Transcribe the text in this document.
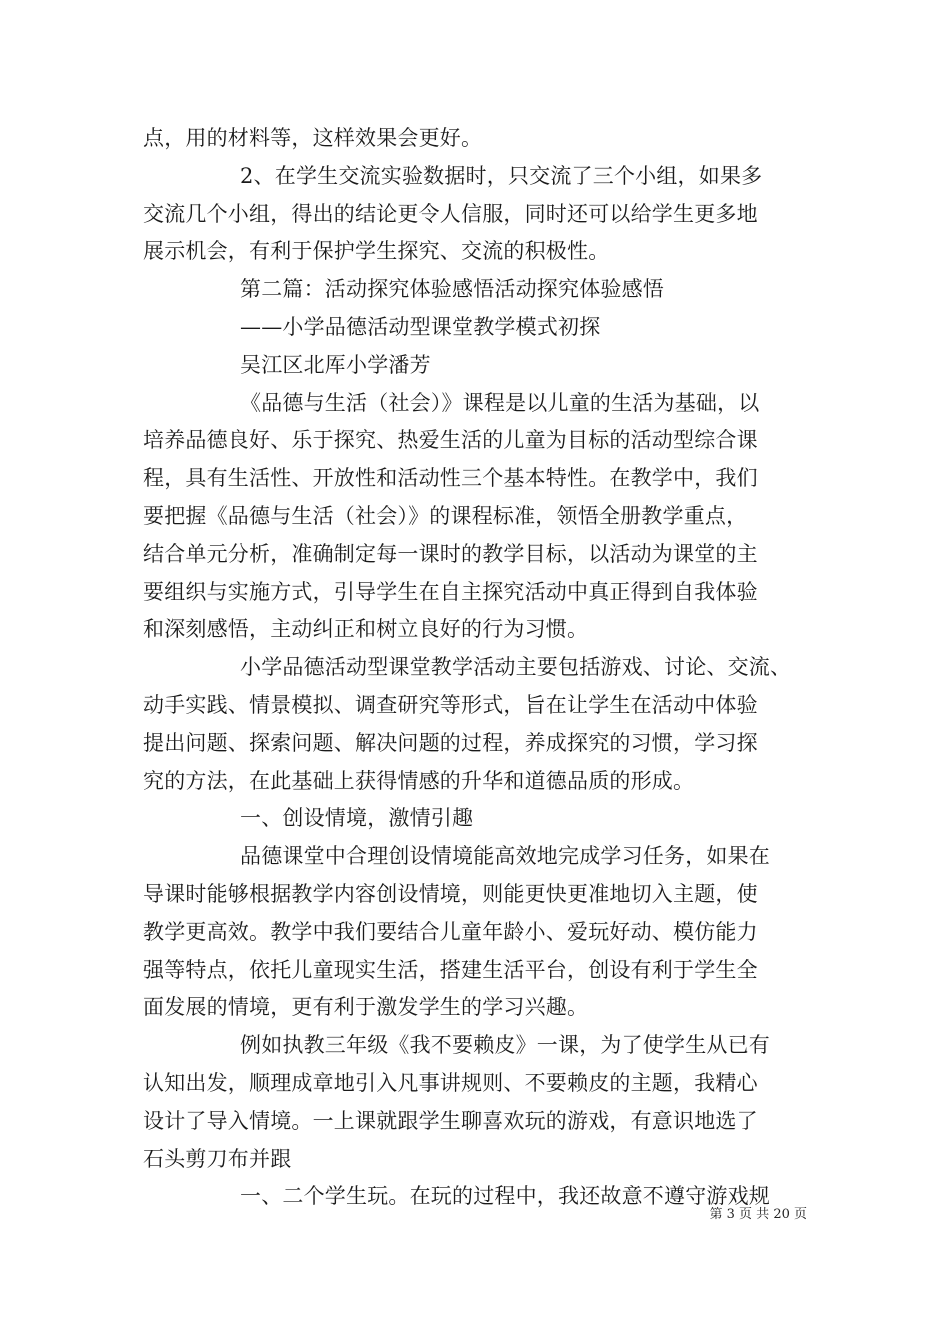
点，用的材料等，这样效果会更好。
2、在学生交流实验数据时，只交流了三个小组，如果多
交流几个小组，得出的结论更令人信服，同时还可以给学生更多地
展示机会，有利于保护学生探究、交流的积极性。
第二篇：活动探究体验感悟活动探究体验感悟
——小学品德活动型课堂教学模式初探
吴江区北厍小学潘芳
《品德与生活（社会）》课程是以儿童的生活为基础，以
培养品德良好、乐于探究、热爱生活的儿童为目标的活动型综合课
程，具有生活性、开放性和活动性三个基本特性。在教学中，我们
要把握《品德与生活（社会）》的课程标准，领悟全册教学重点，
结合单元分析，准确制定每一课时的教学目标，以活动为课堂的主
要组织与实施方式，引导学生在自主探究活动中真正得到自我体验
和深刻感悟，主动纠正和树立良好的行为习惯。
小学品德活动型课堂教学活动主要包括游戏、讨论、交流、
动手实践、情景模拟、调查研究等形式，旨在让学生在活动中体验
提出问题、探索问题、解决问题的过程，养成探究的习惯，学习探
究的方法，在此基础上获得情感的升华和道德品质的形成。
一、创设情境，激情引趣
品德课堂中合理创设情境能高效地完成学习任务，如果在
导课时能够根据教学内容创设情境，则能更快更准地切入主题，使
教学更高效。教学中我们要结合儿童年龄小、爱玩好动、模仿能力
强等特点，依托儿童现实生活，搭建生活平台，创设有利于学生全
面发展的情境，更有利于激发学生的学习兴趣。
例如执教三年级《我不要赖皮》一课，为了使学生从已有
认知出发，顺理成章地引入凡事讲规则、不要赖皮的主题，我精心
设计了导入情境。一上课就跟学生聊喜欢玩的游戏，有意识地选了
石头剪刀布并跟
一、二个学生玩。在玩的过程中，我还故意不遵守游戏规
第 3 页 共 20 页
